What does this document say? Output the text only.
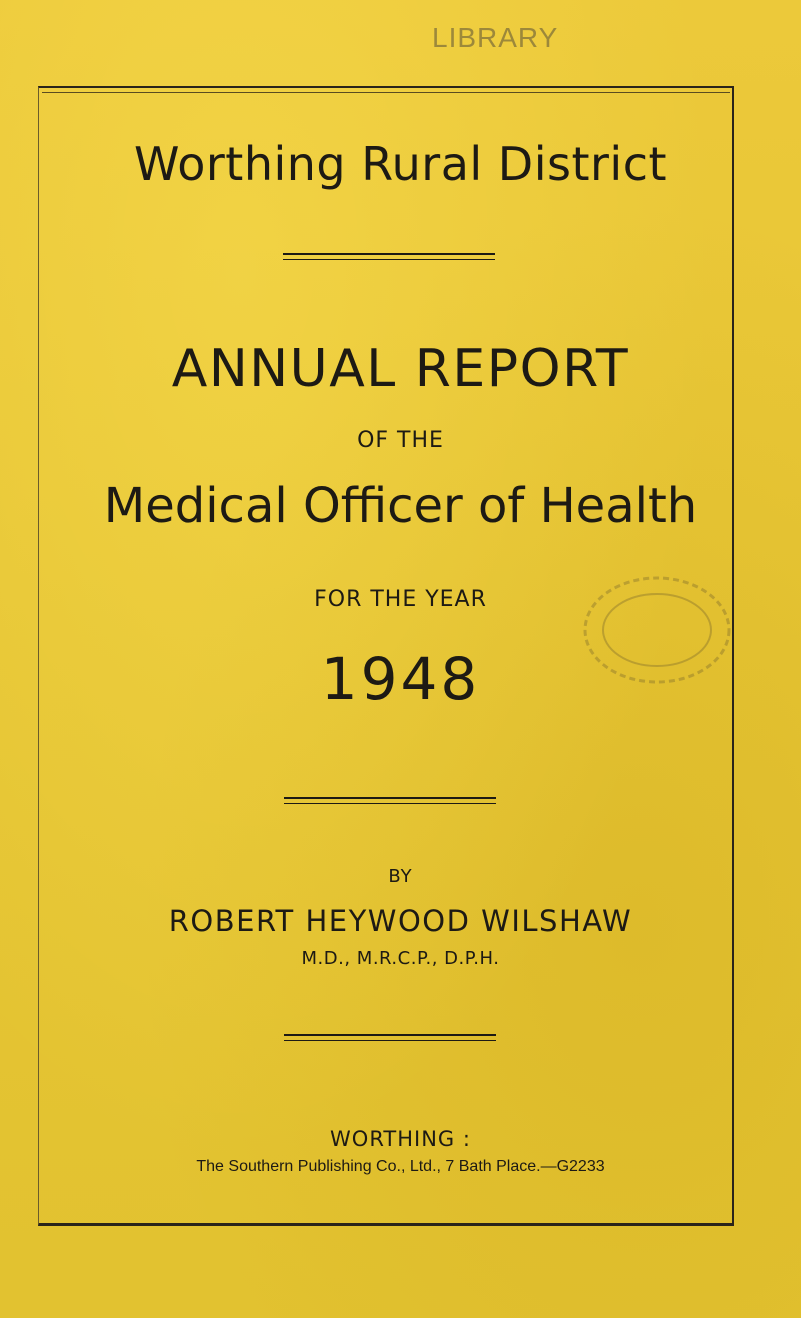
LIBRARY
Worthing Rural District
ANNUAL REPORT
OF THE
Medical Officer of Health
FOR THE YEAR
1948
BY
ROBERT HEYWOOD WILSHAW
M.D., M.R.C.P., D.P.H.
WORTHING :
The Southern Publishing Co., Ltd., 7 Bath Place.—G2233
